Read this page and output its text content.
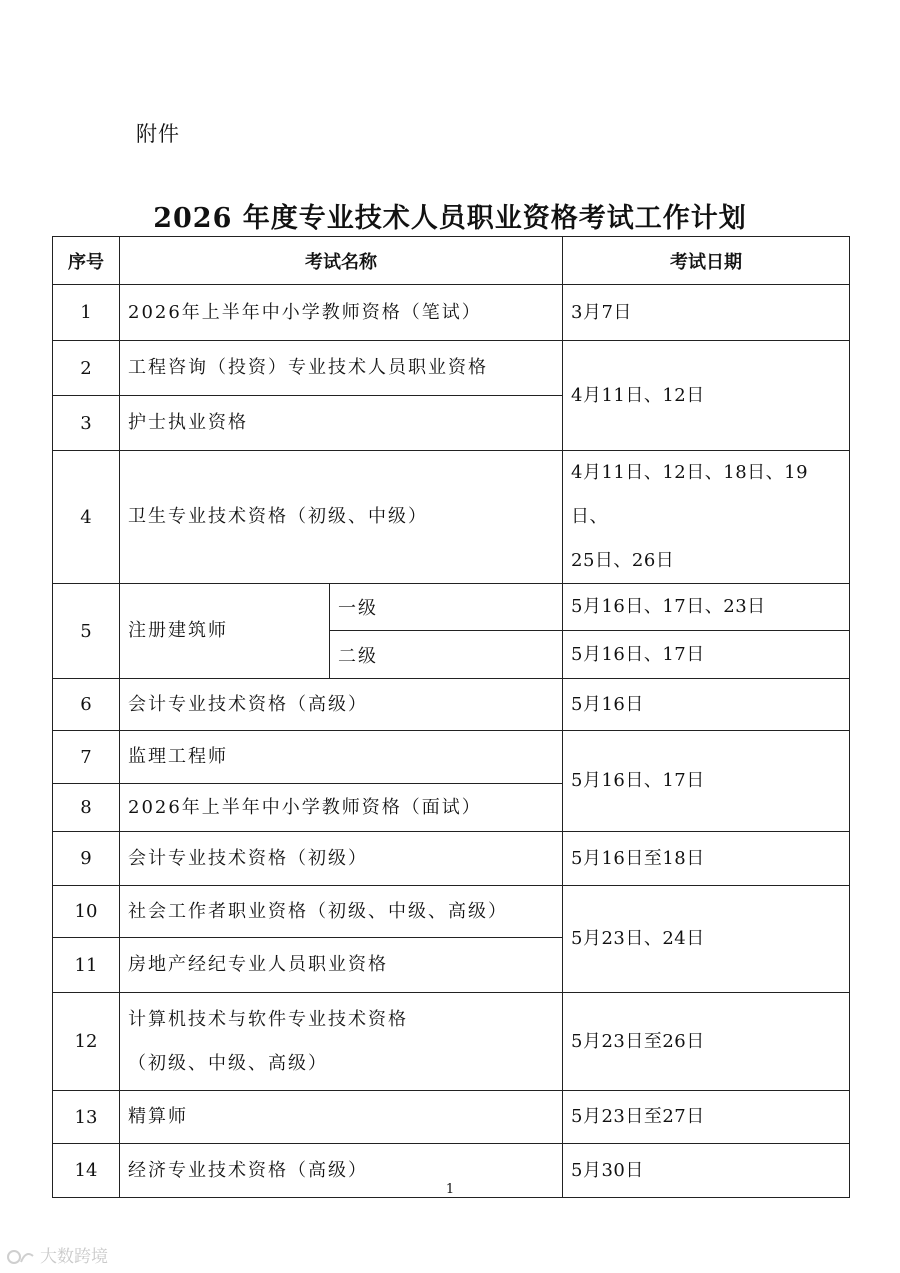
附件
2026 年度专业技术人员职业资格考试工作计划
序号	考试名称		考试日期
1	2026年上半年中小学教师资格（笔试）		3月7日
2	工程咨询（投资）专业技术人员职业资格		4月11日、12日
3	护士执业资格		
4	卫生专业技术资格（初级、中级）		4月11日、12日、18日、19日、
25日、26日

5	注册建筑师	一级	5月16日、17日、23日
		二级	5月16日、17日
6	会计专业技术资格（高级）		5月16日
7	监理工程师		5月16日、17日
8	2026年上半年中小学教师资格（面试）		
9	会计专业技术资格（初级）		5月16日至18日
10	社会工作者职业资格（初级、中级、高级）		5月23日、24日
11	房地产经纪专业人员职业资格		
12	计算机技术与软件专业技术资格
（初级、中级、高级）		5月23日至26日
13	精算师		5月23日至27日
14	经济专业技术资格（高级）		5月30日
1
大数跨境
